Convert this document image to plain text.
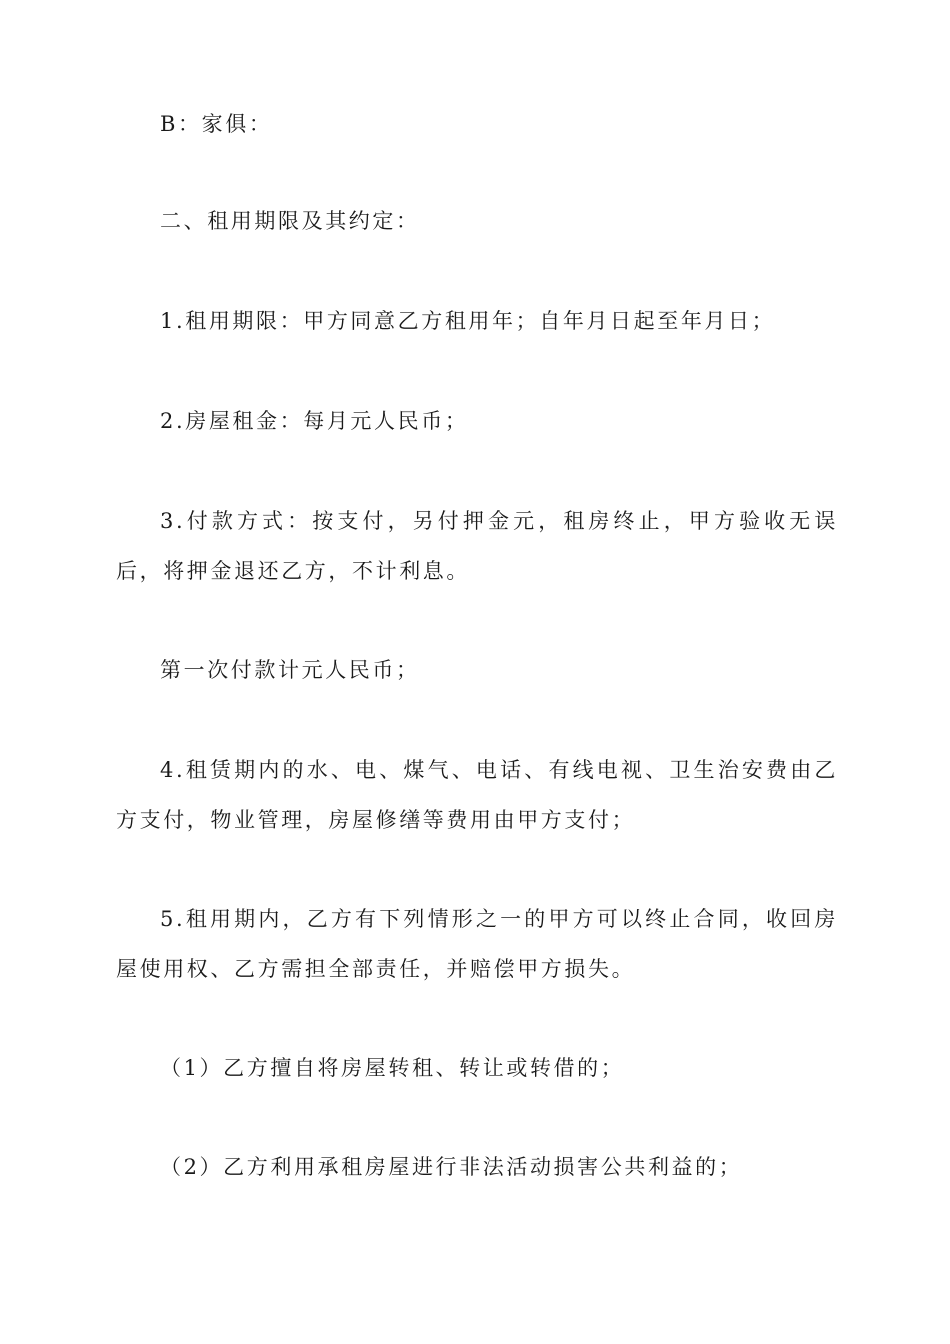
B：家俱：

二、租用期限及其约定：

1.租用期限：甲方同意乙方租用年；自年月日起至年月日；

2.房屋租金：每月元人民币；

3.付款方式：按支付，另付押金元，租房终止，甲方验收无误后，将押金退还乙方，不计利息。

第一次付款计元人民币；

4.租赁期内的水、电、煤气、电话、有线电视、卫生治安费由乙方支付，物业管理，房屋修缮等费用由甲方支付；

5.租用期内，乙方有下列情形之一的甲方可以终止合同，收回房屋使用权、乙方需担全部责任，并赔偿甲方损失。

（1）乙方擅自将房屋转租、转让或转借的；

（2）乙方利用承租房屋进行非法活动损害公共利益的；
